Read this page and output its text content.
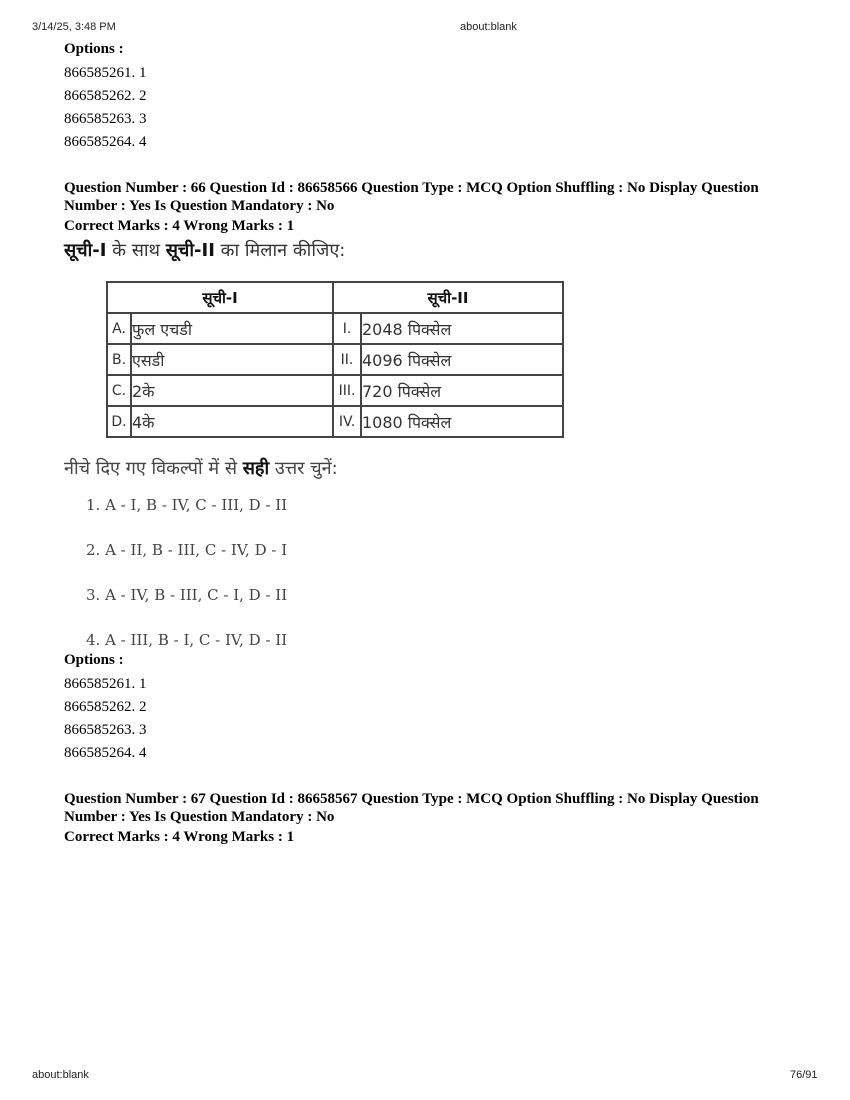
3/14/25, 3:48 PM	about:blank
Options :
866585261. 1
866585262. 2
866585263. 3
866585264. 4
Question Number : 66 Question Id : 86658566 Question Type : MCQ Option Shuffling : No Display Question
Number : Yes Is Question Mandatory : No
Correct Marks : 4 Wrong Marks : 1
सूची-I के साथ सूची-II का मिलान कीजिए:
सूची-I		सूची-II	
A.	फुल एचडी	I.	2048 पिक्सेल
B.	एसडी	II.	4096 पिक्सेल
C.	2के	III.	720 पिक्सेल
D.	4के	IV.	1080 पिक्सेल
नीचे दिए गए विकल्पों में से सही उत्तर चुनें:
1. A - I, B - IV, C - III, D - II
2. A - II, B - III, C - IV, D - I
3. A - IV, B - III, C - I, D - II
4. A - III, B - I, C - IV, D - II
Options :
866585261. 1
866585262. 2
866585263. 3
866585264. 4
Question Number : 67 Question Id : 86658567 Question Type : MCQ Option Shuffling : No Display Question
Number : Yes Is Question Mandatory : No
Correct Marks : 4 Wrong Marks : 1
about:blank	76/91
